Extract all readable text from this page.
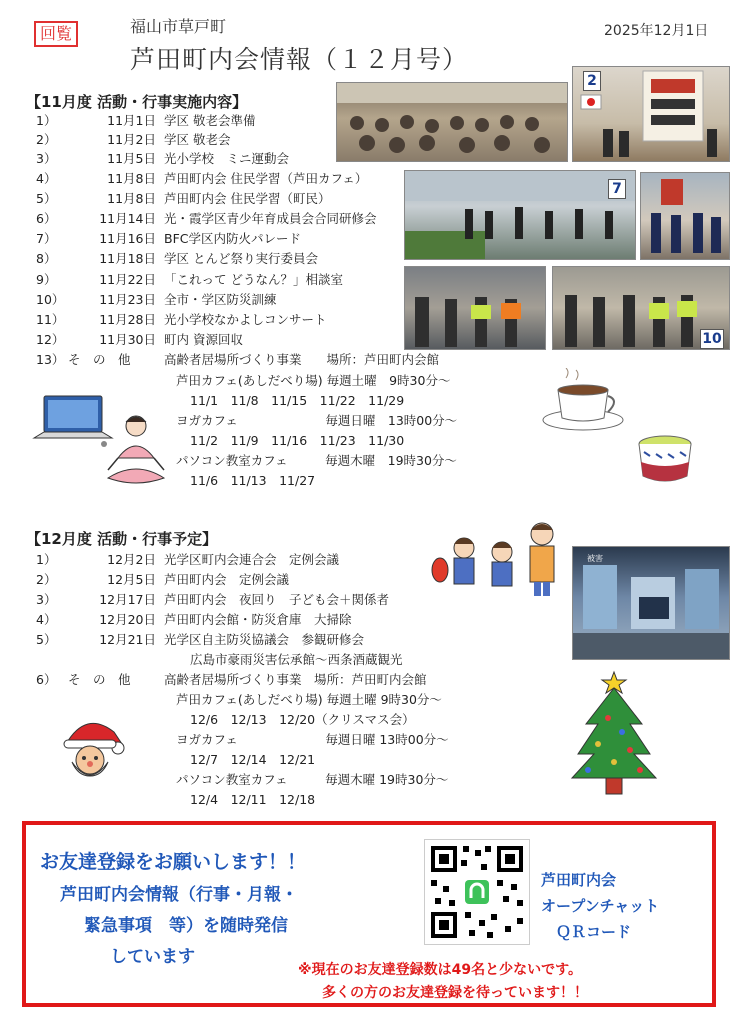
回覧	福山市草戸町
芦田町内会情報（１２月号）
2025年12月1日
【11月度 活動・行事実施内容】
1）	11月1日 学区 敬老会準備
2）	11月2日 学区 敬老会
3）	11月5日 光小学校　ミニ運動会
4）	11月8日 芦田町内会 住民学習（芦田カフェ）
5）	11月8日 芦田町内会 住民学習（町民）
6）	11月14日 光・霞学区青少年育成員会合同研修会
7）	11月16日 BFC学区内防火パレード
8）	11月18日 学区 とんど祭り実行委員会
9）	11月22日 「これって どうなん？」相談室
10）	11月23日 全市・学区防災訓練
11）	11月28日 光小学校なかよしコンサート
12）	11月30日 町内 資源回収
13） そ　の　他	高齢者居場所づくり事業　　場所：芦田町内会館
芦田カフェ(あしだべり場) 毎週土曜　9時30分～
11/1　11/8　11/15　11/22　11/29
ヨガカフェ　　　　　　　毎週日曜　13時00分～
11/2　11/9　11/16　11/23　11/30
パソコン教室カフェ　　　毎週木曜　19時30分～
11/6　11/13　11/27
2
7
10
【12月度 活動・行事予定】
1）	12月2日 光学区町内会連合会　定例会議
2）	12月5日 芦田町内会　定例会議
3）	12月17日 芦田町内会　夜回り　子ども会＋関係者
4）	12月20日 芦田町内会館・防災倉庫　大掃除
5）	12月21日 光学区自主防災協議会　参観研修会
広島市豪雨災害伝承館～西条酒蔵観光
6） そ　の　他	高齢者居場所づくり事業　場所：芦田町内会館
芦田カフェ(あしだべり場) 毎週土曜 9時30分～
12/6　12/13　12/20（クリスマス会）
ヨガカフェ　　　　　　　毎週日曜 13時00分～
12/7　12/14　12/21
パソコン教室カフェ　　　毎週木曜 19時30分～
12/4　12/11　12/18
被害
お友達登録をお願いします！！
芦田町内会情報（行事・月報・
緊急事項　等）を随時発信
しています
芦田町内会
オープンチャット
ＱＲコード
※現在のお友達登録数は49名と少ないです。
多くの方のお友達登録を待っています！！
